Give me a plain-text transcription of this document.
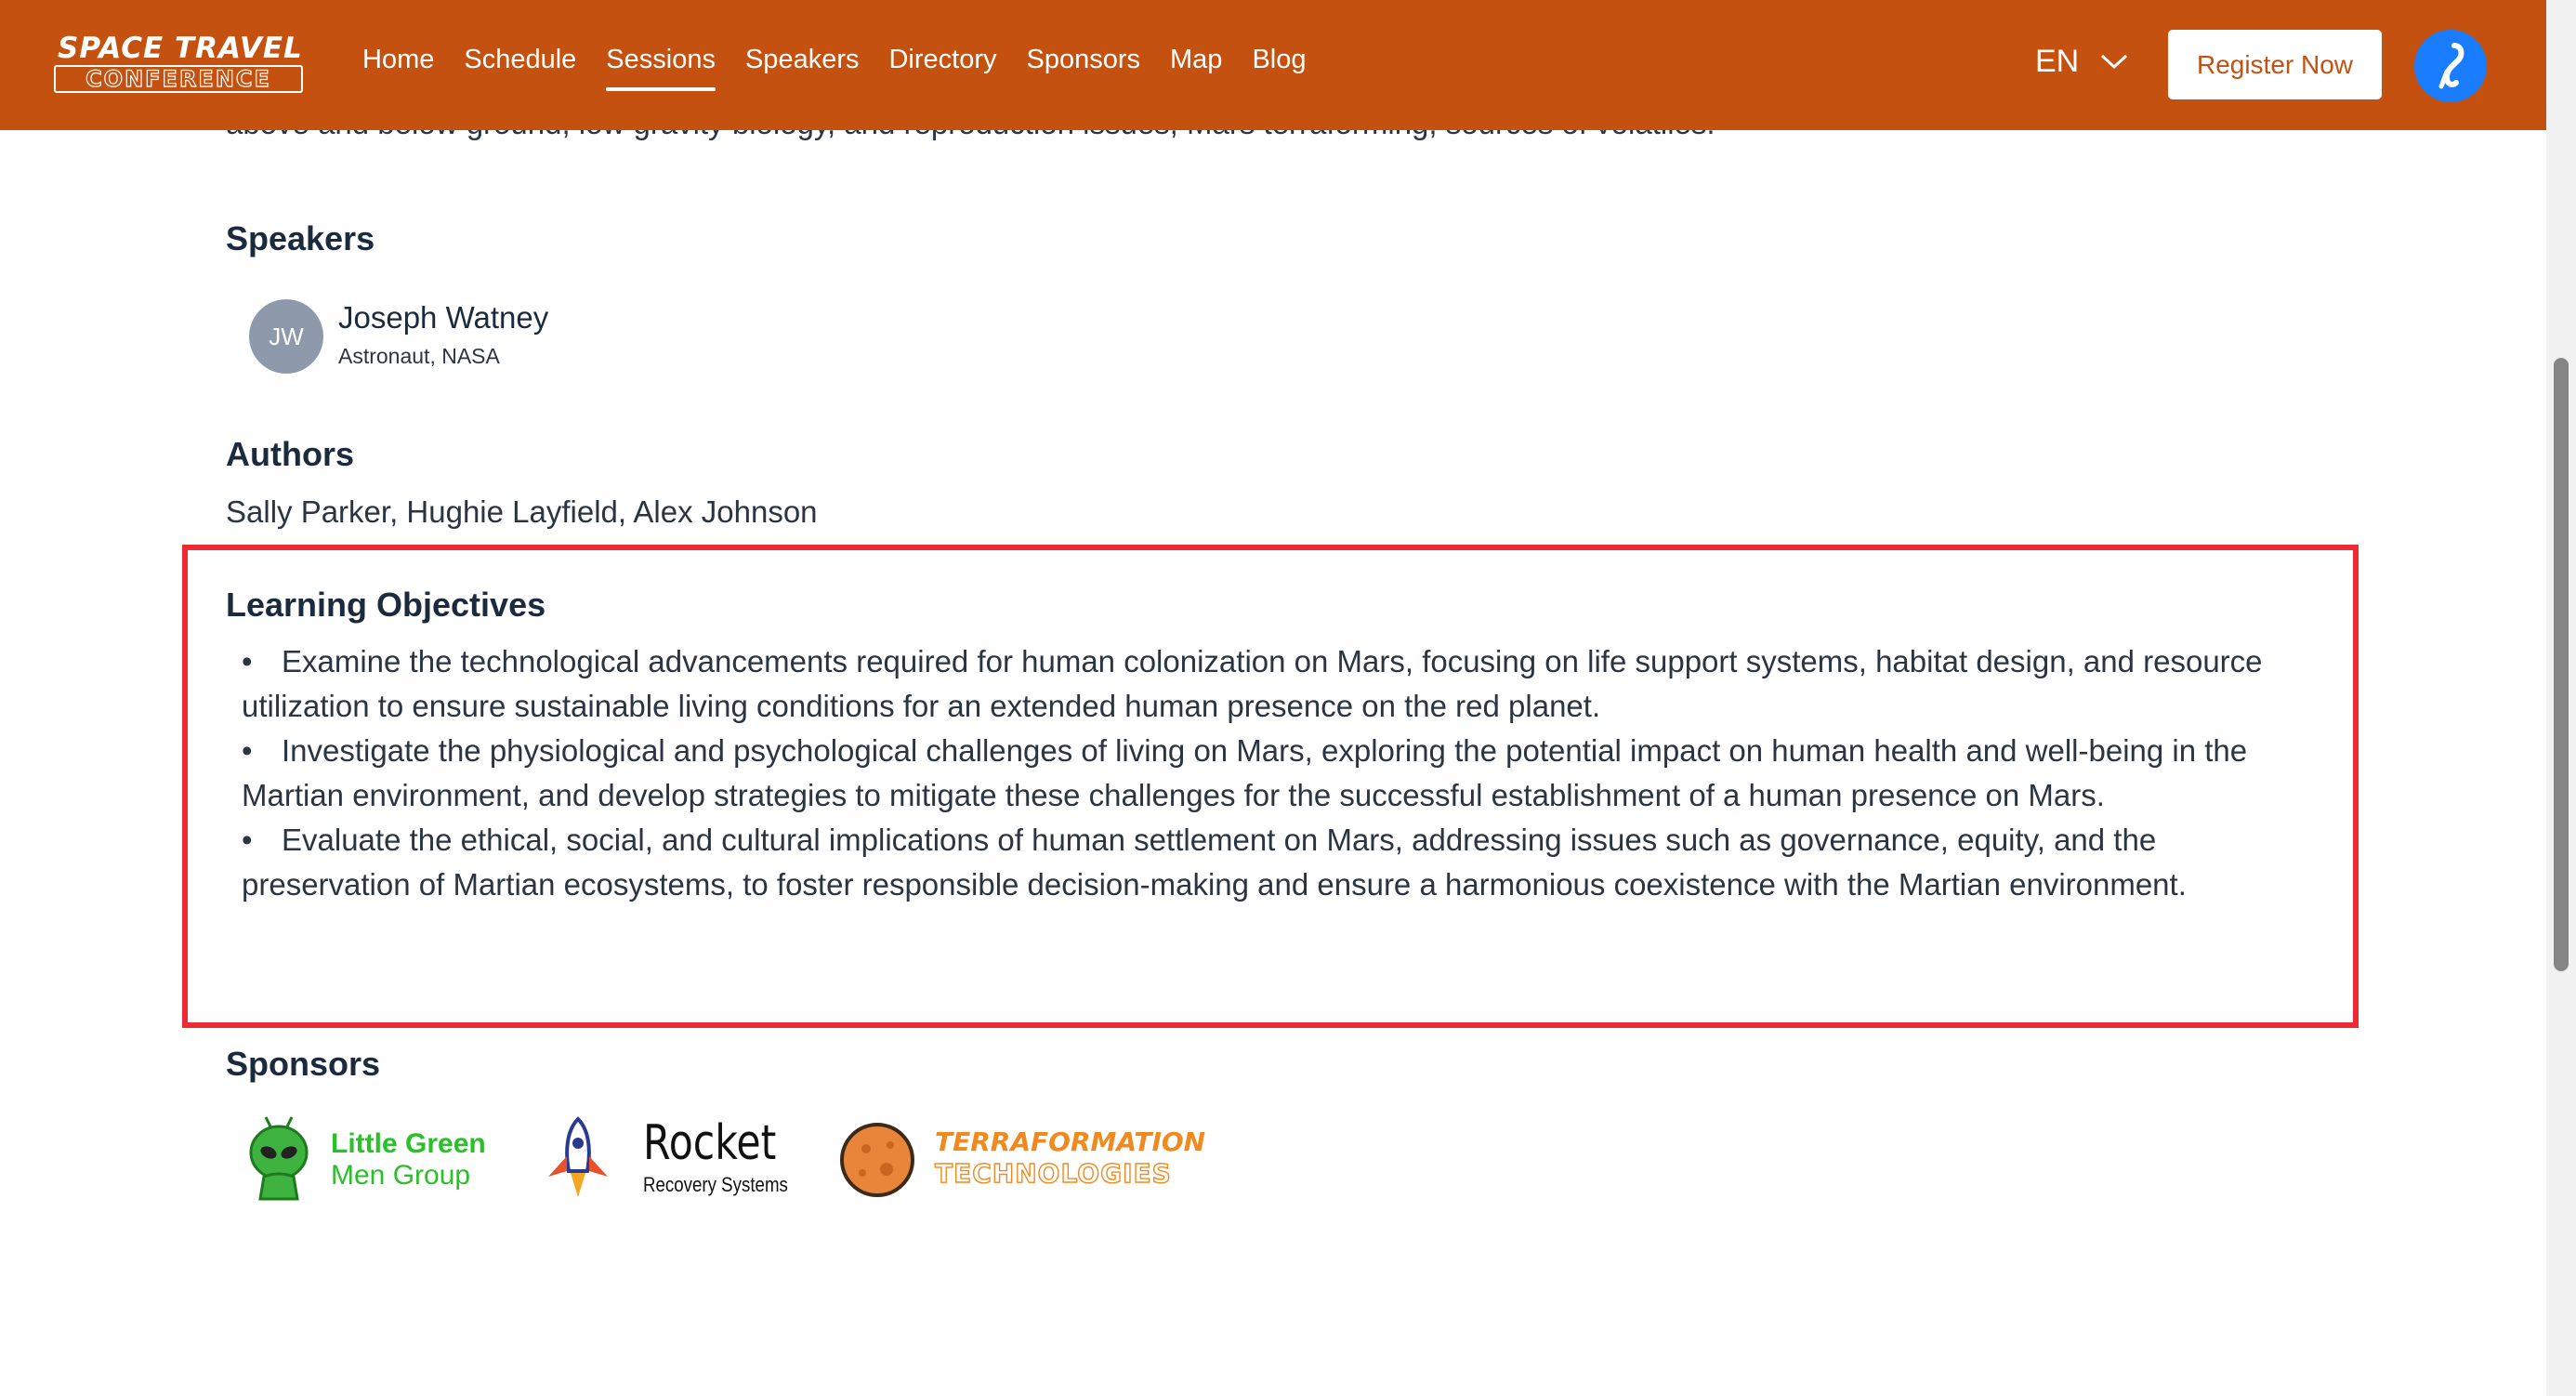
Speakers
JW
Joseph Watney
Astronaut, NASA
Authors
Sally Parker, Hughie Layfield, Alex Johnson
Learning Objectives
• Examine the technological advancements required for human colonization on Mars, focusing on life support systems, habitat design, and resource utilization to ensure sustainable living conditions for an extended human presence on the red planet.
• Investigate the physiological and psychological challenges of living on Mars, exploring the potential impact on human health and well-being in the Martian environment, and develop strategies to mitigate these challenges for the successful establishment of a human presence on Mars.
• Evaluate the ethical, social, and cultural implications of human settlement on Mars, addressing issues such as governance, equity, and the preservation of Martian ecosystems, to foster responsible decision-making and ensure a harmonious coexistence with the Martian environment.
Sponsors
Little Green
Men Group
Rocket
Recovery Systems
TERRAFORMATION
TECHNOLOGIES
SPACE TRAVEL
CONFERENCE
Home Schedule Sessions Speakers Directory Sponsors Map Blog	EN	Register Now
